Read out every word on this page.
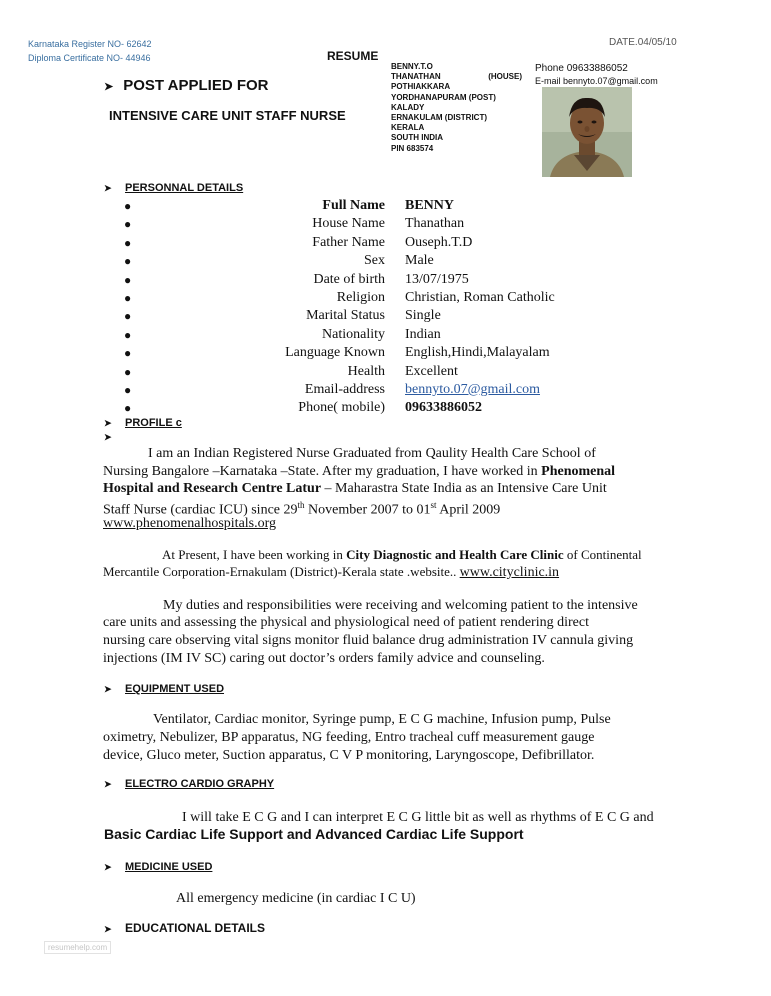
Karnataka Register NO- 62642
Diploma Certificate NO- 44946
DATE.04/05/10
RESUME
➤ POST APPLIED FOR
INTENSIVE CARE UNIT STAFF NURSE
BENNY.T.O
THANATHAN	(HOUSE)
POTHIAKKARA
YORDHANAPURAM (POST)
KALADY
ERNAKULAM (DISTRICT)
KERALA
SOUTH INDIA
PIN 683574
Phone 09633886052
E-mail bennyto.07@gmail.com
➤ PERSONNAL DETAILS
●	Full Name BENNY
●	House Name Thanathan
●	Father Name Ouseph.T.D
●	Sex Male
●	Date of birth 13/07/1975
●	Religion Christian, Roman Catholic
●	Marital Status Single
●	Nationality Indian
●	Language Known English,Hindi,Malayalam
●	Health Excellent
●	Email-address bennyto.07@gmail.com
●	Phone( mobile) 09633886052
➤ PROFILE c
➤
I am an Indian Registered Nurse Graduated from Qaulity Health Care School of
Nursing Bangalore –Karnataka –State. After my graduation, I have worked in Phenomenal
Hospital and Research Centre Latur – Maharastra State India as an Intensive Care Unit
Staff Nurse (cardiac ICU) since 29th November 2007 to 01st April 2009
www.phenomenalhospitals.org
At Present, I have been working in City Diagnostic and Health Care Clinic of Continental
Mercantile Corporation-Ernakulam (District)-Kerala state .website.. www.cityclinic.in
My duties and responsibilities were receiving and welcoming patient to the intensive
care units and assessing the physical and physiological need of patient rendering direct
nursing care observing vital signs monitor fluid balance drug administration IV cannula giving
injections (IM IV SC) caring out doctor’s orders family advice and counseling.
➤ EQUIPMENT USED
Ventilator, Cardiac monitor, Syringe pump, E C G machine, Infusion pump, Pulse
oximetry, Nebulizer, BP apparatus, NG feeding, Entro tracheal cuff measurement gauge
device, Gluco meter, Suction apparatus, C V P monitoring, Laryngoscope, Defibrillator.
➤ ELECTRO CARDIO GRAPHY
I will take E C G and I can interpret E C G little bit as well as rhythms of E C G and
Basic Cardiac Life Support and Advanced Cardiac Life Support
➤ MEDICINE USED
All emergency medicine (in cardiac I C U)
➤ EDUCATIONAL DETAILS
resumehelp.com
